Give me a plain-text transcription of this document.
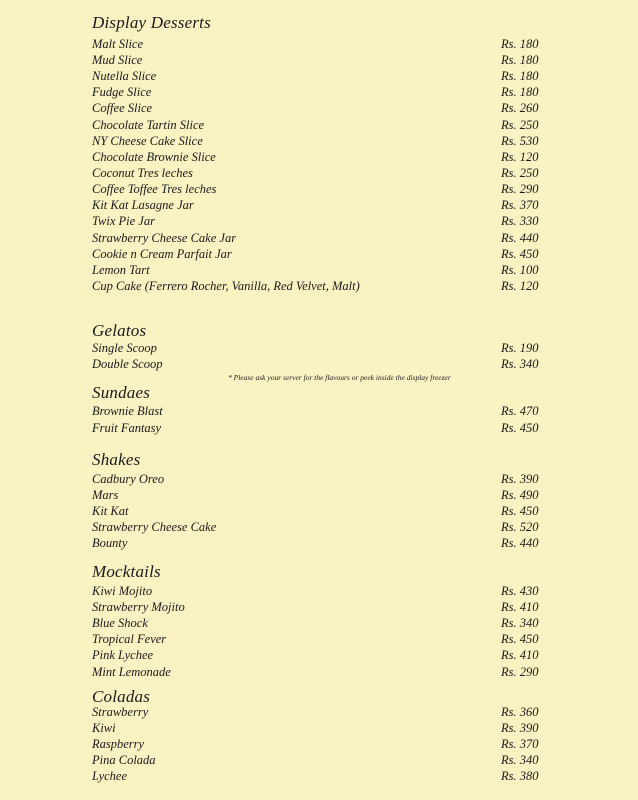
Display Desserts
Malt Slice	Rs. 180
Mud Slice	Rs. 180
Nutella Slice	Rs. 180
Fudge Slice	Rs. 180
Coffee Slice	Rs. 260
Chocolate Tartin Slice	Rs. 250
NY Cheese Cake Slice	Rs. 530
Chocolate Brownie Slice	Rs. 120
Coconut Tres leches	Rs. 250
Coffee Toffee Tres leches	Rs. 290
Kit Kat Lasagne Jar	Rs. 370
Twix Pie Jar	Rs. 330
Strawberry Cheese Cake Jar	Rs. 440
Cookie n Cream Parfait Jar	Rs. 450
Lemon Tart	Rs. 100
Cup Cake (Ferrero Rocher, Vanilla, Red Velvet, Malt)	Rs. 120
Gelatos
Single Scoop	Rs. 190
Double Scoop	Rs. 340
* Please ask your server for the flavours or peek inside the display freezer
Sundaes
Brownie Blast	Rs. 470
Fruit Fantasy	Rs. 450
Shakes
Cadbury Oreo	Rs. 390
Mars	Rs. 490
Kit Kat	Rs. 450
Strawberry Cheese Cake	Rs. 520
Bounty	Rs. 440
Mocktails
Kiwi Mojito	Rs. 430
Strawberry Mojito	Rs. 410
Blue Shock	Rs. 340
Tropical Fever	Rs. 450
Pink Lychee	Rs. 410
Mint Lemonade	Rs. 290
Coladas
Strawberry	Rs. 360
Kiwi	Rs. 390
Raspberry	Rs. 370
Pina Colada	Rs. 340
Lychee	Rs. 380
